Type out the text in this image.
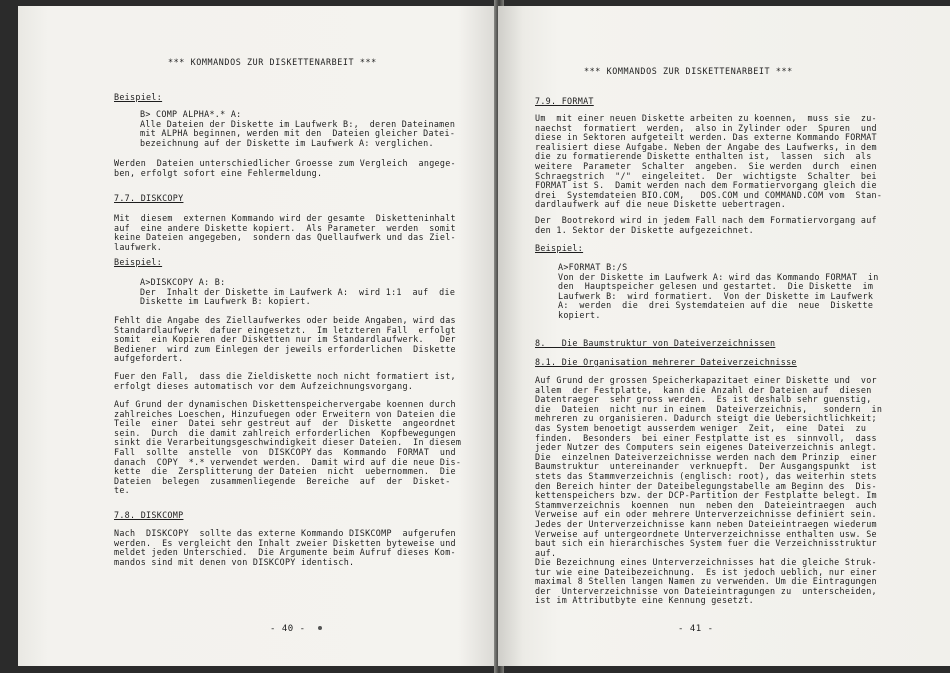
*** KOMMANDOS ZUR DISKETTENARBEIT ***
Beispiel:
B> COMP ALPHA*.* A:
Alle Dateien der Diskette im Laufwerk B:,  deren Dateinamen
mit ALPHA beginnen, werden mit den  Dateien gleicher Datei-
bezeichnung auf der Diskette im Laufwerk A: verglichen.
Werden  Dateien unterschiedlicher Groesse zum Vergleich  angege-
ben, erfolgt sofort eine Fehlermeldung.
7.7. DISKCOPY
Mit  diesem  externen Kommando wird der gesamte  Disketteninhalt
auf  eine andere Diskette kopiert.  Als Parameter  werden  somit
keine Dateien angegeben,  sondern das Quellaufwerk und das Ziel-
laufwerk.
Beispiel:
A>DISKCOPY A: B:
Der  Inhalt der Diskette im Laufwerk A:  wird 1:1  auf  die
Diskette im Laufwerk B: kopiert.
Fehlt die Angabe des Ziellaufwerkes oder beide Angaben, wird das
Standardlaufwerk  dafuer eingesetzt.  Im letzteren Fall  erfolgt
somit  ein Kopieren der Disketten nur im Standardlaufwerk.   Der
Bediener  wird zum Einlegen der jeweils erforderlichen  Diskette
aufgefordert.
Fuer den Fall,  dass die Zieldiskette noch nicht formatiert ist,
erfolgt dieses automatisch vor dem Aufzeichnungsvorgang.
Auf Grund der dynamischen Diskettenspeichervergabe koennen durch
zahlreiches Loeschen, Hinzufuegen oder Erweitern von Dateien die
Teile  einer  Datei sehr gestreut auf  der  Diskette  angeordnet
sein.  Durch  die damit zahlreich erforderlichen  Kopfbewegungen
sinkt die Verarbeitungsgeschwindigkeit dieser Dateien.  In diesem
Fall  sollte  anstelle  von  DISKCOPY das  Kommando  FORMAT  und
danach  COPY  *.* verwendet werden.  Damit wird auf die neue Dis-
kette  die  Zersplitterung der Dateien  nicht  uebernommen.  Die
Dateien  belegen  zusammenliegende  Bereiche  auf  der  Disket-
te.
7.8. DISKCOMP
Nach  DISKCOPY  sollte das externe Kommando DISKCOMP  aufgerufen
werden.  Es vergleicht den Inhalt zweier Disketten byteweise und
meldet jeden Unterschied.  Die Argumente beim Aufruf dieses Kom-
mandos sind mit denen von DISKCOPY identisch.
- 40 -
*** KOMMANDOS ZUR DISKETTENARBEIT ***
7.9. FORMAT
Um  mit einer neuen Diskette arbeiten zu koennen,  muss sie  zu-
naechst  formatiert  werden,  also in Zylinder oder  Spuren  und
diese in Sektoren aufgeteilt werden. Das externe Kommando FORMAT
realisiert diese Aufgabe. Neben der Angabe des Laufwerks, in dem
die zu formatierende Diskette enthalten ist,  lassen  sich  als
weitere  Parameter  Schalter  angeben.  Sie werden  durch  einen
Schraegstrich  "/"  eingeleitet.  Der  wichtigste  Schalter  bei
FORMAT ist S.  Damit werden nach dem Formatiervorgang gleich die
drei  Systemdateien BIO.COM,   DOS.COM und COMMAND.COM vom  Stan-
dardlaufwerk auf die neue Diskette uebertragen.
Der  Bootrekord wird in jedem Fall nach dem Formatiervorgang auf
den 1. Sektor der Diskette aufgezeichnet.
Beispiel:
A>FORMAT B:/S
Von der Diskette im Laufwerk A: wird das Kommando FORMAT  in
den  Hauptspeicher gelesen und gestartet.  Die Diskette  im
Laufwerk B:  wird formatiert.  Von der Diskette im Laufwerk
A:  werden  die  drei Systemdateien auf die  neue  Diskette
kopiert.
8.   Die Baumstruktur von Dateiverzeichnissen
8.1. Die Organisation mehrerer Dateiverzeichnisse
Auf Grund der grossen Speicherkapazitaet einer Diskette und  vor
allem  der Festplatte,  kann die Anzahl der Dateien auf  diesen
Datentraeger  sehr gross werden.  Es ist deshalb sehr guenstig,
die  Dateien  nicht nur in einem  Dateiverzeichnis,   sondern  in
mehreren zu organisieren. Dadurch steigt die Uebersichtlichkeit;
das System benoetigt ausserdem weniger  Zeit,  eine  Datei  zu
finden.  Besonders  bei einer Festplatte ist es  sinnvoll,  dass
jeder Nutzer des Computers sein eigenes Dateiverzeichnis anlegt.
Die  einzelnen Dateiverzeichnisse werden nach dem Prinzip  einer
Baumstruktur  untereinander  verknuepft.  Der Ausgangspunkt  ist
stets das Stammverzeichnis (englisch: root), das weiterhin stets
den Bereich hinter der Dateibelegungstabelle am Beginn des  Dis-
kettenspeichers bzw. der DCP-Partition der Festplatte belegt. Im
Stammverzeichnis  koennen  nun  neben den  Dateieintraegen  auch
Verweise auf ein oder mehrere Unterverzeichnisse definiert sein.
Jedes der Unterverzeichnisse kann neben Dateieintraegen wiederum
Verweise auf untergeordnete Unterverzeichnisse enthalten usw. Se
baut sich ein hierarchisches System fuer die Verzeichnisstruktur
auf.
Die Bezeichnung eines Unterverzeichnisses hat die gleiche Struk-
tur wie eine Dateibezeichnung.  Es ist jedoch ueblich, nur einer
maximal 8 Stellen langen Namen zu verwenden. Um die Eintragungen
der  Unterverzeichnisse von Dateieintragungen zu  unterscheiden,
ist im Attributbyte eine Kennung gesetzt.
- 41 -
